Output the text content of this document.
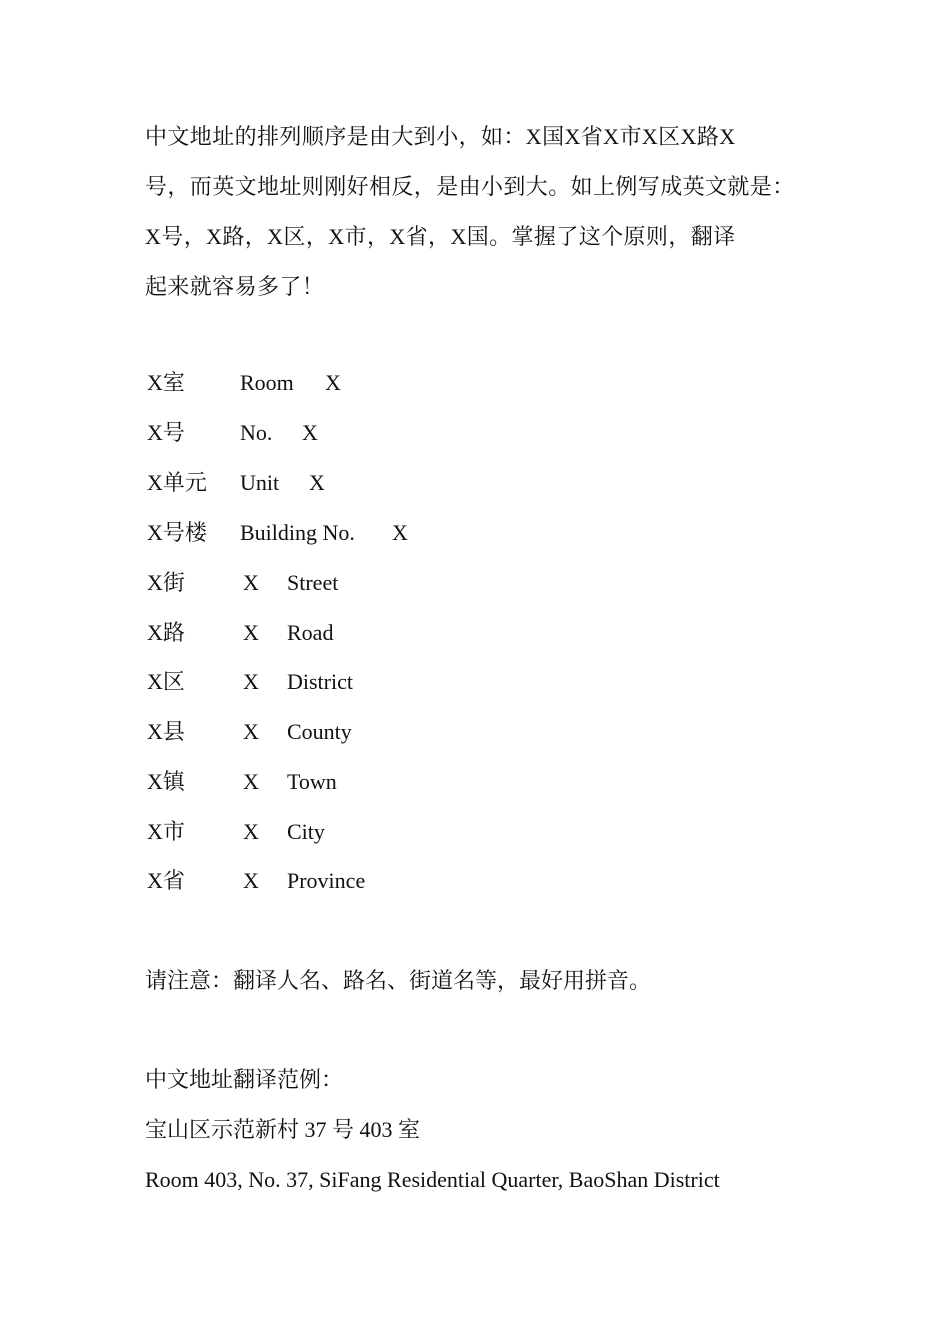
中文地址的排列顺序是由大到小，如：X国X省X市X区X路X
号，而英文地址则刚好相反，是由小到大。如上例写成英文就是：
X号，X路，X区，X市，X省，X国。掌握了这个原则，翻译
起来就容易多了！

X室	Room X
X号	No. X
X单元 Unit X
X号楼 Building No. X
X街	X Street
X路	X Road
X区	X District
X县	X County
X镇	X Town
X市	X City
X省	X Province

请注意：翻译人名、路名、街道名等，最好用拼音。

中文地址翻译范例：

宝山区示范新村 37 号 403 室

Room 403, No. 37, SiFang Residential Quarter, BaoShan District
